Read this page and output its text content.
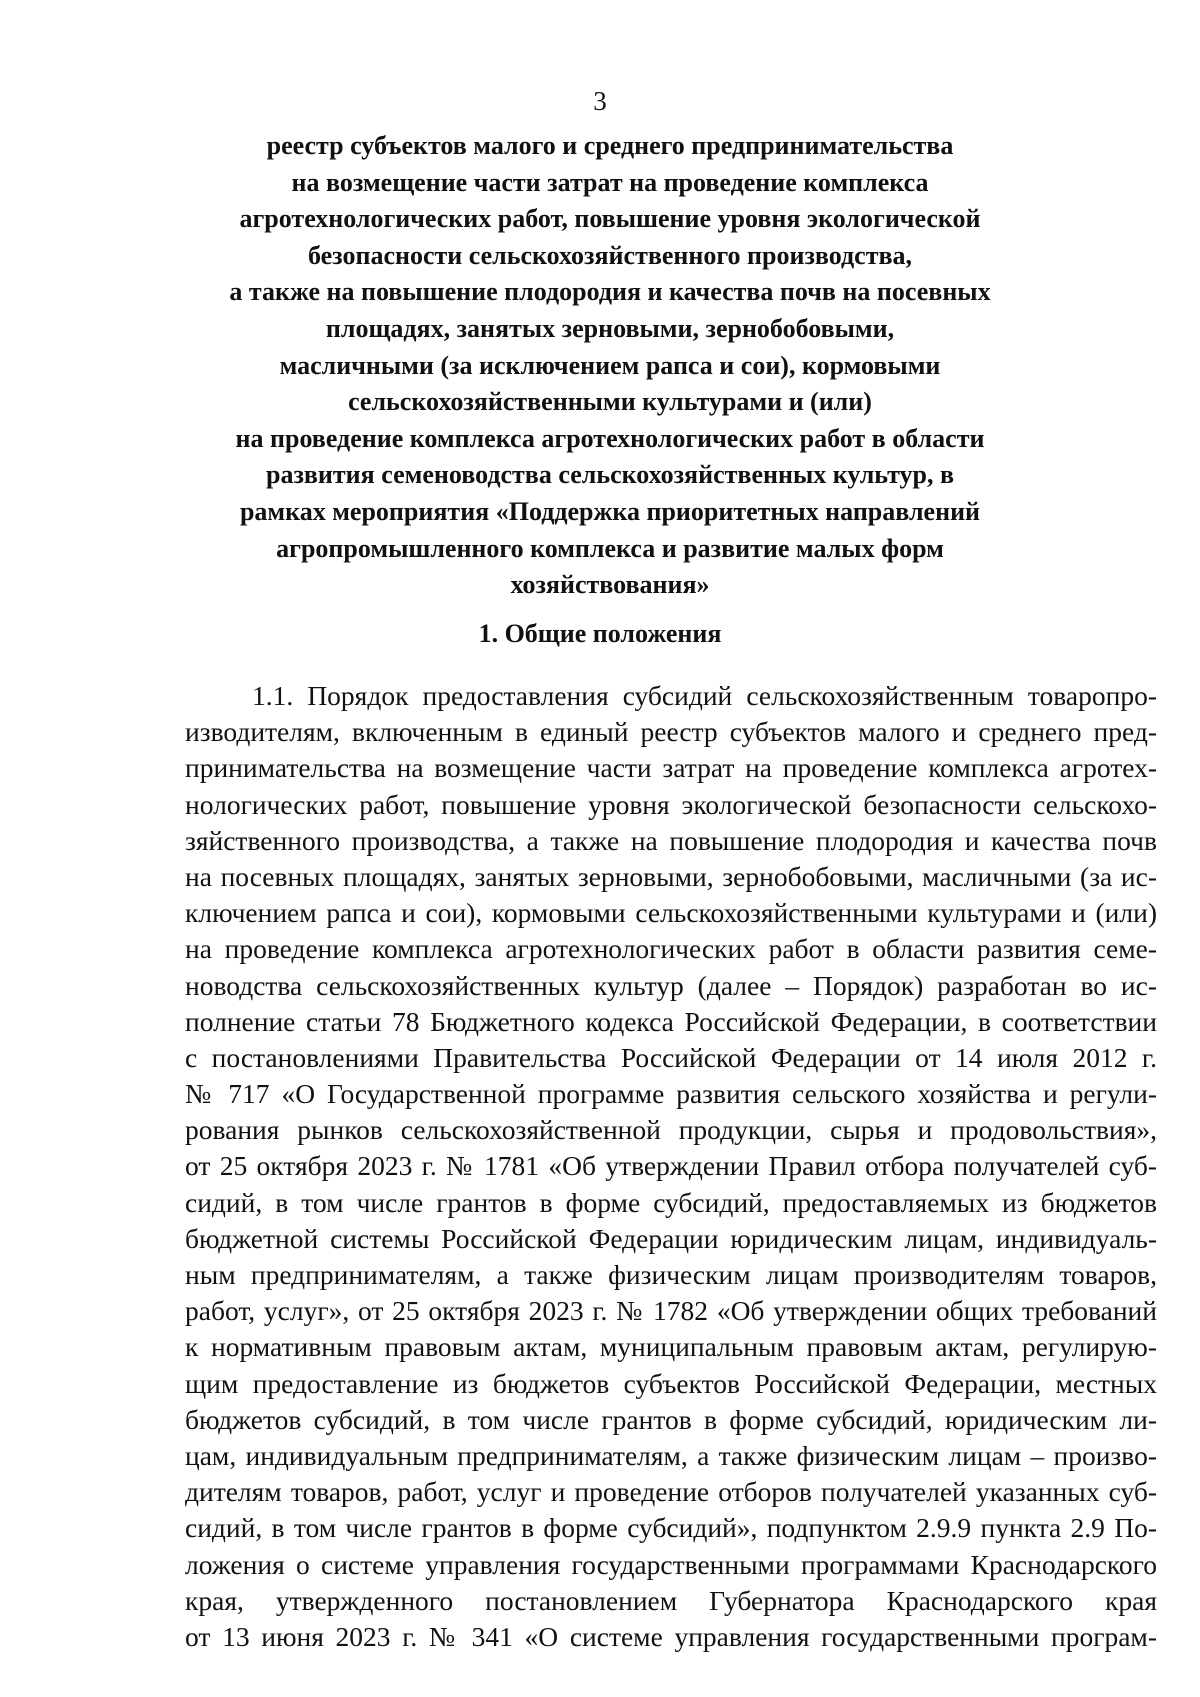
3
реестр субъектов малого и среднего предпринимательства
на возмещение части затрат на проведение комплекса
агротехнологических работ, повышение уровня экологической
безопасности сельскохозяйственного производства,
а также на повышение плодородия и качества почв на посевных
площадях, занятых зерновыми, зернобобовыми,
масличными (за исключением рапса и сои), кормовыми
сельскохозяйственными культурами и (или)
на проведение комплекса агротехнологических работ в области
развития семеноводства сельскохозяйственных культур, в
рамках мероприятия «Поддержка приоритетных направлений
агропромышленного комплекса и развитие малых форм
хозяйствования»
1. Общие положения
1.1. Порядок предоставления субсидий сельскохозяйственным товаропро-
изводителям, включенным в единый реестр субъектов малого и среднего пред-
принимательства на возмещение части затрат на проведение комплекса агротех-
нологических работ, повышение уровня экологической безопасности сельскохо-
зяйственного производства, а также на повышение плодородия и качества почв
на посевных площадях, занятых зерновыми, зернобобовыми, масличными (за ис-
ключением рапса и сои), кормовыми сельскохозяйственными культурами и (или)
на проведение комплекса агротехнологических работ в области развития семе-
новодства сельскохозяйственных культур (далее – Порядок) разработан во ис-
полнение статьи 78 Бюджетного кодекса Российской Федерации, в соответствии
с постановлениями Правительства Российской Федерации от 14 июля 2012 г.
№ 717 «О Государственной программе развития сельского хозяйства и регули-
рования рынков сельскохозяйственной продукции, сырья и продовольствия»,
от 25 октября 2023 г. № 1781 «Об утверждении Правил отбора получателей суб-
сидий, в том числе грантов в форме субсидий, предоставляемых из бюджетов
бюджетной системы Российской Федерации юридическим лицам, индивидуаль-
ным предпринимателям, а также физическим лицам производителям товаров,
работ, услуг», от 25 октября 2023 г. № 1782 «Об утверждении общих требований
к нормативным правовым актам, муниципальным правовым актам, регулирую-
щим предоставление из бюджетов субъектов Российской Федерации, местных
бюджетов субсидий, в том числе грантов в форме субсидий, юридическим ли-
цам, индивидуальным предпринимателям, а также физическим лицам – произво-
дителям товаров, работ, услуг и проведение отборов получателей указанных суб-
сидий, в том числе грантов в форме субсидий», подпунктом 2.9.9 пункта 2.9 По-
ложения о системе управления государственными программами Краснодарского
края, утвержденного постановлением Губернатора Краснодарского края
от 13 июня 2023 г. № 341 «О системе управления государственными програм-
